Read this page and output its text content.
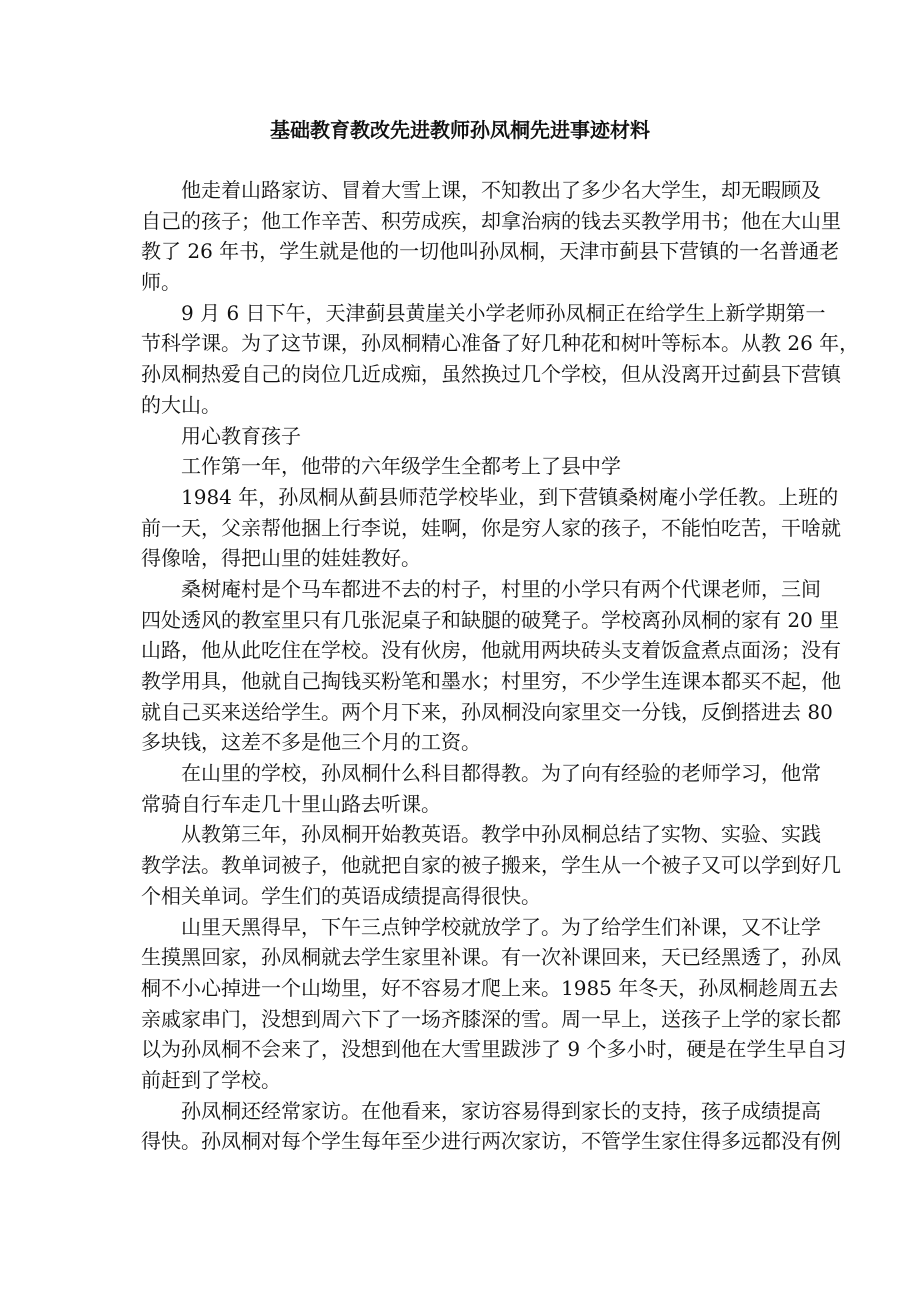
基础教育教改先进教师孙凤桐先进事迹材料
他走着山路家访、冒着大雪上课，不知教出了多少名大学生，却无暇顾及
自己的孩子；他工作辛苦、积劳成疾，却拿治病的钱去买教学用书；他在大山里
教了 26 年书，学生就是他的一切他叫孙凤桐，天津市蓟县下营镇的一名普通老
师。
9 月 6 日下午，天津蓟县黄崖关小学老师孙凤桐正在给学生上新学期第一
节科学课。为了这节课，孙凤桐精心准备了好几种花和树叶等标本。从教 26 年，
孙凤桐热爱自己的岗位几近成痴，虽然换过几个学校，但从没离开过蓟县下营镇
的大山。
用心教育孩子
工作第一年，他带的六年级学生全都考上了县中学
1984 年，孙凤桐从蓟县师范学校毕业，到下营镇桑树庵小学任教。上班的
前一天，父亲帮他捆上行李说，娃啊，你是穷人家的孩子，不能怕吃苦，干啥就
得像啥，得把山里的娃娃教好。
桑树庵村是个马车都进不去的村子，村里的小学只有两个代课老师，三间
四处透风的教室里只有几张泥桌子和缺腿的破凳子。学校离孙凤桐的家有 20 里
山路，他从此吃住在学校。没有伙房，他就用两块砖头支着饭盒煮点面汤；没有
教学用具，他就自己掏钱买粉笔和墨水；村里穷，不少学生连课本都买不起，他
就自己买来送给学生。两个月下来，孙凤桐没向家里交一分钱，反倒搭进去 80
多块钱，这差不多是他三个月的工资。
在山里的学校，孙凤桐什么科目都得教。为了向有经验的老师学习，他常
常骑自行车走几十里山路去听课。
从教第三年，孙凤桐开始教英语。教学中孙凤桐总结了实物、实验、实践
教学法。教单词被子，他就把自家的被子搬来，学生从一个被子又可以学到好几
个相关单词。学生们的英语成绩提高得很快。
山里天黑得早，下午三点钟学校就放学了。为了给学生们补课，又不让学
生摸黑回家，孙凤桐就去学生家里补课。有一次补课回来，天已经黑透了，孙凤
桐不小心掉进一个山坳里，好不容易才爬上来。1985 年冬天，孙凤桐趁周五去
亲戚家串门，没想到周六下了一场齐膝深的雪。周一早上，送孩子上学的家长都
以为孙凤桐不会来了，没想到他在大雪里跋涉了 9 个多小时，硬是在学生早自习
前赶到了学校。
孙凤桐还经常家访。在他看来，家访容易得到家长的支持，孩子成绩提高
得快。孙凤桐对每个学生每年至少进行两次家访，不管学生家住得多远都没有例
